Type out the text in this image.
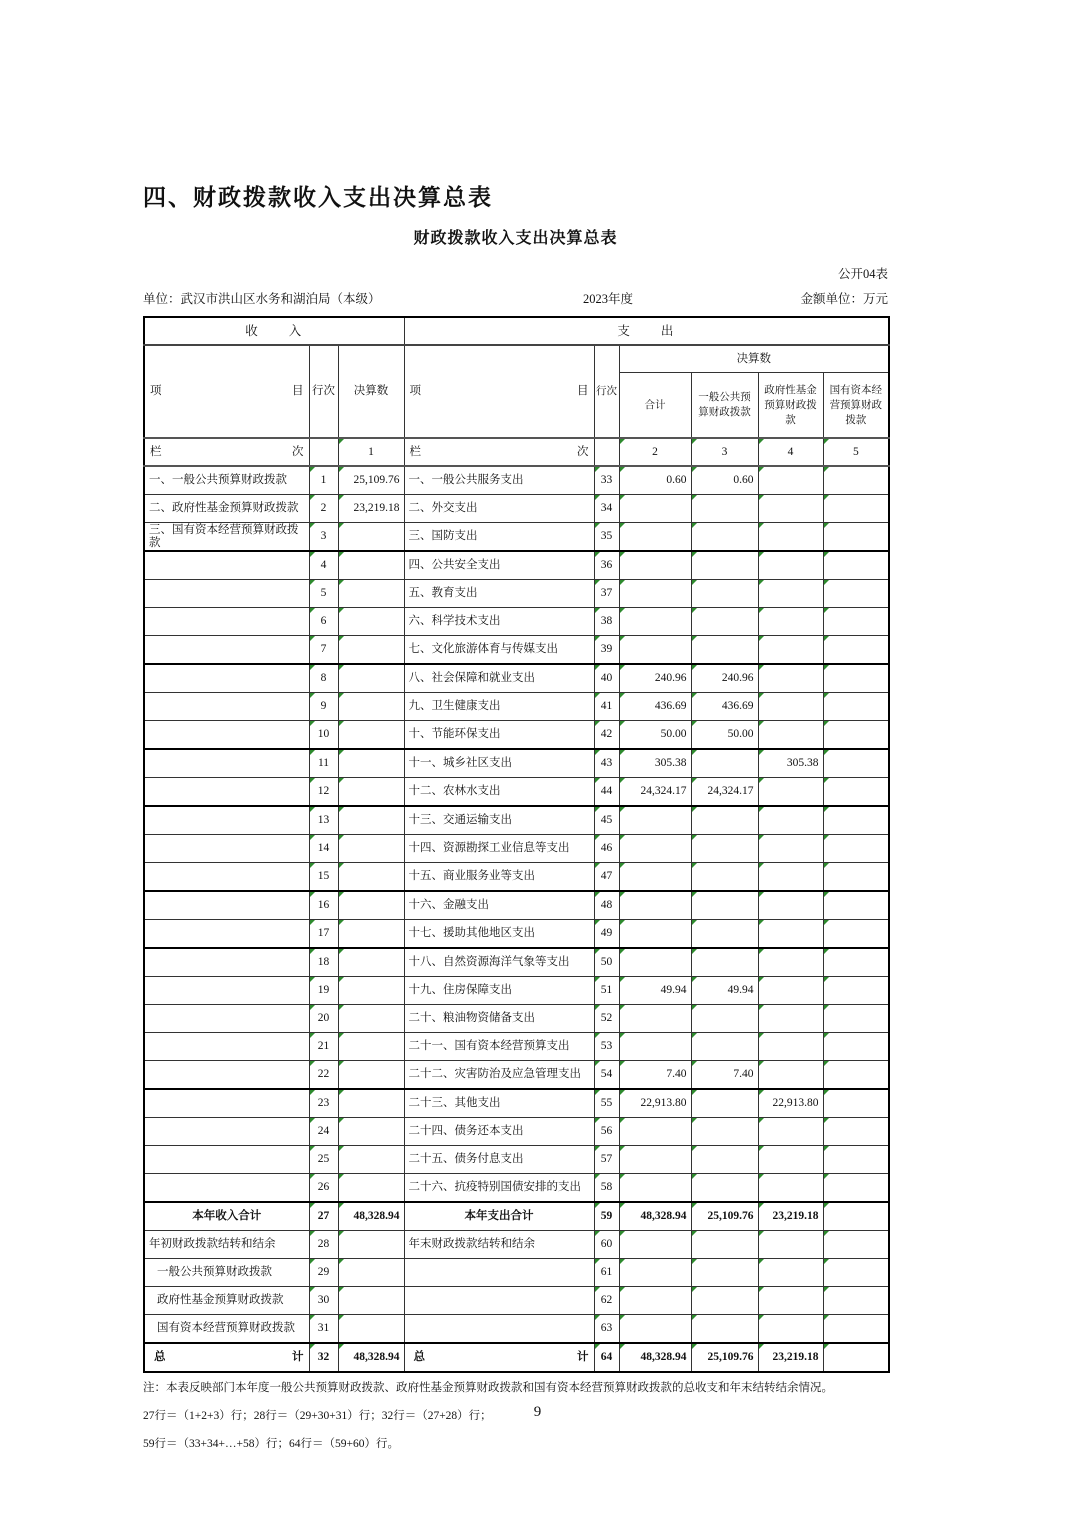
四、财政拨款收入支出决算总表
财政拨款收入支出决算总表
公开04表
单位：武汉市洪山区水务和湖泊局（本级）	2023年度	金额单位：万元
收　　入			支　　出					

项 目	行次	决算数	项 目	行次	决算数			
					合计	一般公共预算财政拨款	政府性基金预算财政拨款	国有资本经营预算财政拨款

栏 次		1	栏 次		2	3	4	5
一、一般公共预算财政拨款	1	25,109.76	一、一般公共服务支出	33	0.60	0.60		
二、政府性基金预算财政拨款	2	23,219.18	二、外交支出	34				
三、国有资本经营预算财政拨款	3		三、国防支出	35				
	4		四、公共安全支出	36				
	5		五、教育支出	37				
	6		六、科学技术支出	38				
	7		七、文化旅游体育与传媒支出	39				
	8		八、社会保障和就业支出	40	240.96	240.96		
	9		九、卫生健康支出	41	436.69	436.69		
	10		十、节能环保支出	42	50.00	50.00		
	11		十一、城乡社区支出	43	305.38		305.38	
	12		十二、农林水支出	44	24,324.17	24,324.17		
	13		十三、交通运输支出	45				
	14		十四、资源勘探工业信息等支出	46				
	15		十五、商业服务业等支出	47				
	16		十六、金融支出	48				
	17		十七、援助其他地区支出	49				
	18		十八、自然资源海洋气象等支出	50				
	19		十九、住房保障支出	51	49.94	49.94		
	20		二十、粮油物资储备支出	52				
	21		二十一、国有资本经营预算支出	53				
	22		二十二、灾害防治及应急管理支出	54	7.40	7.40		
	23		二十三、其他支出	55	22,913.80		22,913.80	
	24		二十四、债务还本支出	56				
	25		二十五、债务付息支出	57				
	26		二十六、抗疫特别国债安排的支出	58				
本年收入合计	27	48,328.94	本年支出合计	59	48,328.94	25,109.76	23,219.18	
年初财政拨款结转和结余	28		年末财政拨款结转和结余	60				
一般公共预算财政拨款	29			61				
政府性基金预算财政拨款	30			62				
国有资本经营预算财政拨款	31			63				

总 计	32	48,328.94	总 计	64	48,328.94	25,109.76	23,219.18	
注：本表反映部门本年度一般公共预算财政拨款、政府性基金预算财政拨款和国有资本经营预算财政拨款的总收支和年末结转结余情况。
27行＝（1+2+3）行；28行＝（29+30+31）行；32行＝（27+28）行；
59行＝（33+34+…+58）行；64行＝（59+60）行。
9
